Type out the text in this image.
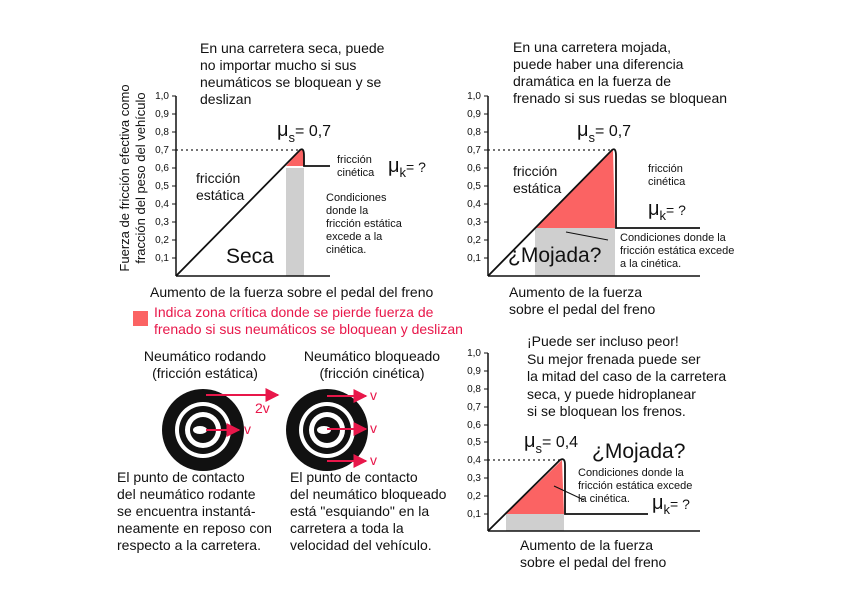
Fuerza de fricción efectiva como fracción del peso del vehículo
En una carretera seca, puede
no importar mucho si sus
neumáticos se bloquean y se
deslizan
1,0
0,9
0,8
0,7
0,6
0,5
0,4
0,3
0,2
0,1
$\mu_s= 0,7$
fricción
estática
fricción
cinética $\mu_k=$ ?
Condiciones
donde la
fricción estática
excede a la
cinética.
Seca
Aumento de la fuerza sobre el pedal del freno
En una carretera mojada,
puede haber una diferencia
dramática en la fuerza de
frenado si sus ruedas se bloquean
1,0
0,9
0,8
0,7
0,6
0,5
0,4
0,3
0,2
0,1
$\mu_s= 0,7$
fricción
estática
fricción
cinética
$\mu_k=$ ?
Condiciones donde la
fricción estática excede
a la cinética.
¿Mojada?
Aumento de la fuerza
sobre el pedal del freno
Indica zona crítica donde se pierde fuerza de
frenado si sus neumáticos se bloquean y deslizan
Neumático rodando
(fricción estática)
2v
v
El punto de contacto
del neumático rodante
se encuentra instantá-
neamente en reposo con
respecto a la carretera.
Neumático bloqueado
(fricción cinética)
v
v
v
El punto de contacto
del neumático bloqueado
está "esquiando" en la
carretera a toda la
velocidad del vehículo.
¡Puede ser incluso peor!
Su mejor frenada puede ser
la mitad del caso de la carretera
seca, y puede hidroplanear
si se bloquean los frenos.
1,0
0,9
0,8
0,7
0,6
0,5
0,4
0,3
0,2
0,1
$\mu_s= 0,4$ ¿Mojada?
Condiciones donde la
fricción estática excede
la cinética.	$\mu_k=$ ?
Aumento de la fuerza
sobre el pedal del freno
